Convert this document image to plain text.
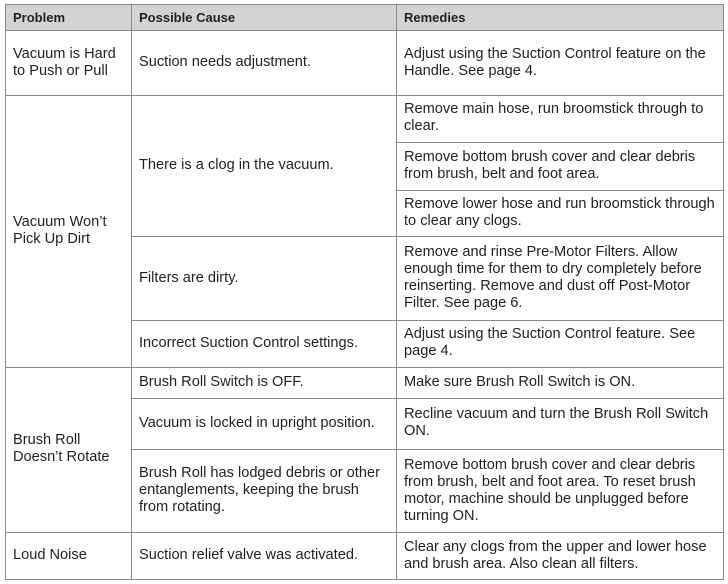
Problem	Possible Cause	Remedies
Vacuum is Hard to Push or Pull	Suction needs adjustment.	Adjust using the Suction Control feature on the Handle. See page 4.
Vacuum Won’t Pick Up Dirt	There is a clog in the vacuum.	Remove main hose, run broomstick through to clear.
		Remove bottom brush cover and clear debris from brush, belt and foot area.
		Remove lower hose and run broomstick through to clear any clogs.
	Filters are dirty.	Remove and rinse Pre-Motor Filters. Allow enough time for them to dry completely before reinserting. Remove and dust off Post-Motor Filter. See page 6.
	Incorrect Suction Control settings.	Adjust using the Suction Control feature. See page 4.
Brush Roll Doesn’t Rotate	Brush Roll Switch is OFF.	Make sure Brush Roll Switch is ON.
	Vacuum is locked in upright position.	Recline vacuum and turn the Brush Roll Switch ON.
	Brush Roll has lodged debris or other entanglements, keeping the brush from rotating.	Remove bottom brush cover and clear debris from brush, belt and foot area. To reset brush motor, machine should be unplugged before turning ON.
Loud Noise	Suction relief valve was activated.	Clear any clogs from the upper and lower hose and brush area. Also clean all filters.
